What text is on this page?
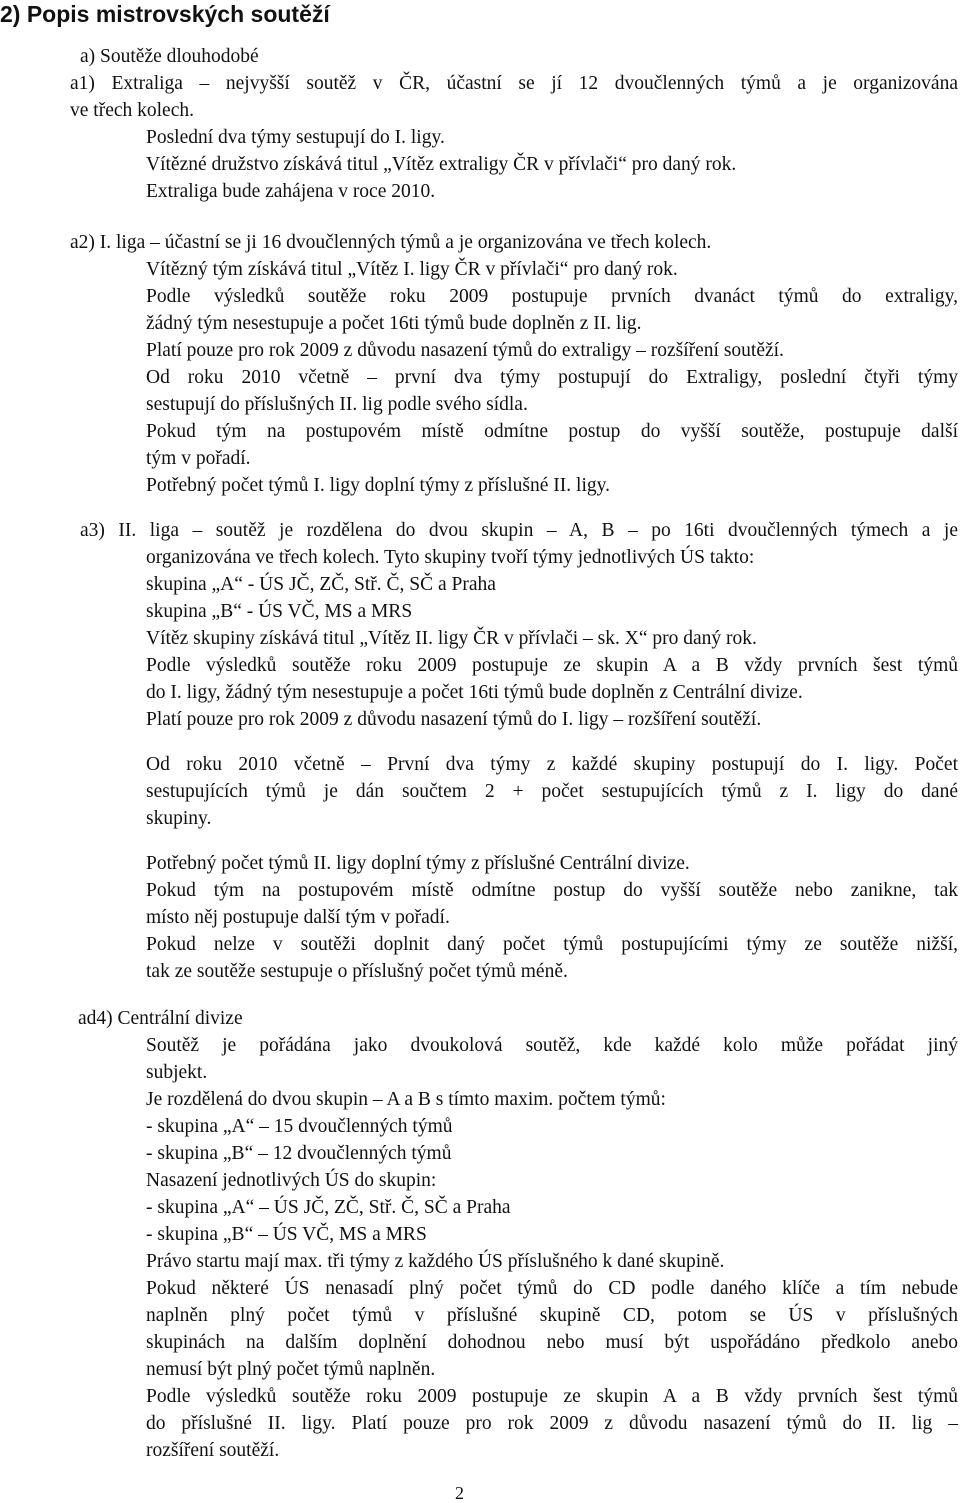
2) Popis mistrovských soutěží

a) Soutěže dlouhodobé

a1) Extraliga – nejvyšší soutěž v ČR, účastní se jí 12 dvoučlenných týmů a je organizována

ve třech kolech.

Poslední dva týmy sestupují do I. ligy.

Vítězné družstvo získává titul „Vítěz extraligy ČR v přívlači“ pro daný rok.

Extraliga bude zahájena v roce 2010.

a2) I. liga – účastní se ji 16 dvoučlenných týmů a je organizována ve třech kolech.

Vítězný tým získává titul „Vítěz I. ligy ČR v přívlači“ pro daný rok.

Podle výsledků soutěže roku 2009 postupuje prvních dvanáct týmů do extraligy,

žádný tým nesestupuje a počet 16ti týmů bude doplněn z II. lig.

Platí pouze pro rok 2009 z důvodu nasazení týmů do extraligy – rozšíření soutěží.

Od roku 2010 včetně – první dva týmy postupují do Extraligy, poslední čtyři týmy

sestupují do příslušných II. lig podle svého sídla.

Pokud tým na postupovém místě odmítne postup do vyšší soutěže, postupuje další

tým v pořadí.

Potřebný počet týmů I. ligy doplní týmy z příslušné II. ligy.

a3) II. liga – soutěž je rozdělena do dvou skupin – A, B – po 16ti dvoučlenných týmech a je

organizována ve třech kolech. Tyto skupiny tvoří týmy jednotlivých ÚS takto:

skupina „A“ - ÚS JČ, ZČ, Stř. Č, SČ a Praha

skupina „B“ - ÚS VČ, MS a MRS

Vítěz skupiny získává titul „Vítěz II. ligy ČR v přívlači – sk. X“ pro daný rok.

Podle výsledků soutěže roku 2009 postupuje ze skupin A a B vždy prvních šest týmů

do I. ligy, žádný tým nesestupuje a počet 16ti týmů bude doplněn z Centrální divize.

Platí pouze pro rok 2009 z důvodu nasazení týmů do I. ligy – rozšíření soutěží.

Od roku 2010 včetně – První dva týmy z každé skupiny postupují do I. ligy. Počet

sestupujících týmů je dán součtem 2 + počet sestupujících týmů z I. ligy do dané

skupiny.

Potřebný počet týmů II. ligy doplní týmy z příslušné Centrální divize.

Pokud tým na postupovém místě odmítne postup do vyšší soutěže nebo zanikne, tak

místo něj postupuje další tým v pořadí.

Pokud nelze v soutěži doplnit daný počet týmů postupujícími týmy ze soutěže nižší,

tak ze soutěže sestupuje o příslušný počet týmů méně.

ad4) Centrální divize

Soutěž je pořádána jako dvoukolová soutěž, kde každé kolo může pořádat jiný

subjekt.

Je rozdělená do dvou skupin – A a B s tímto maxim. počtem týmů:

- skupina „A“ – 15 dvoučlenných týmů

- skupina „B“ – 12 dvoučlenných týmů

Nasazení jednotlivých ÚS do skupin:

- skupina „A“ – ÚS JČ, ZČ, Stř. Č, SČ a Praha

- skupina „B“ – ÚS VČ, MS a MRS

Právo startu mají max. tři týmy z každého ÚS příslušného k dané skupině.

Pokud některé ÚS nenasadí plný počet týmů do CD podle daného klíče a tím nebude

naplněn plný počet týmů v příslušné skupině CD, potom se ÚS v příslušných

skupinách na dalším doplnění dohodnou nebo musí být uspořádáno předkolo anebo

nemusí být plný počet týmů naplněn.

Podle výsledků soutěže roku 2009 postupuje ze skupin A a B vždy prvních šest týmů

do příslušné II. ligy. Platí pouze pro rok 2009 z důvodu nasazení týmů do II. lig –

rozšíření soutěží.

2
